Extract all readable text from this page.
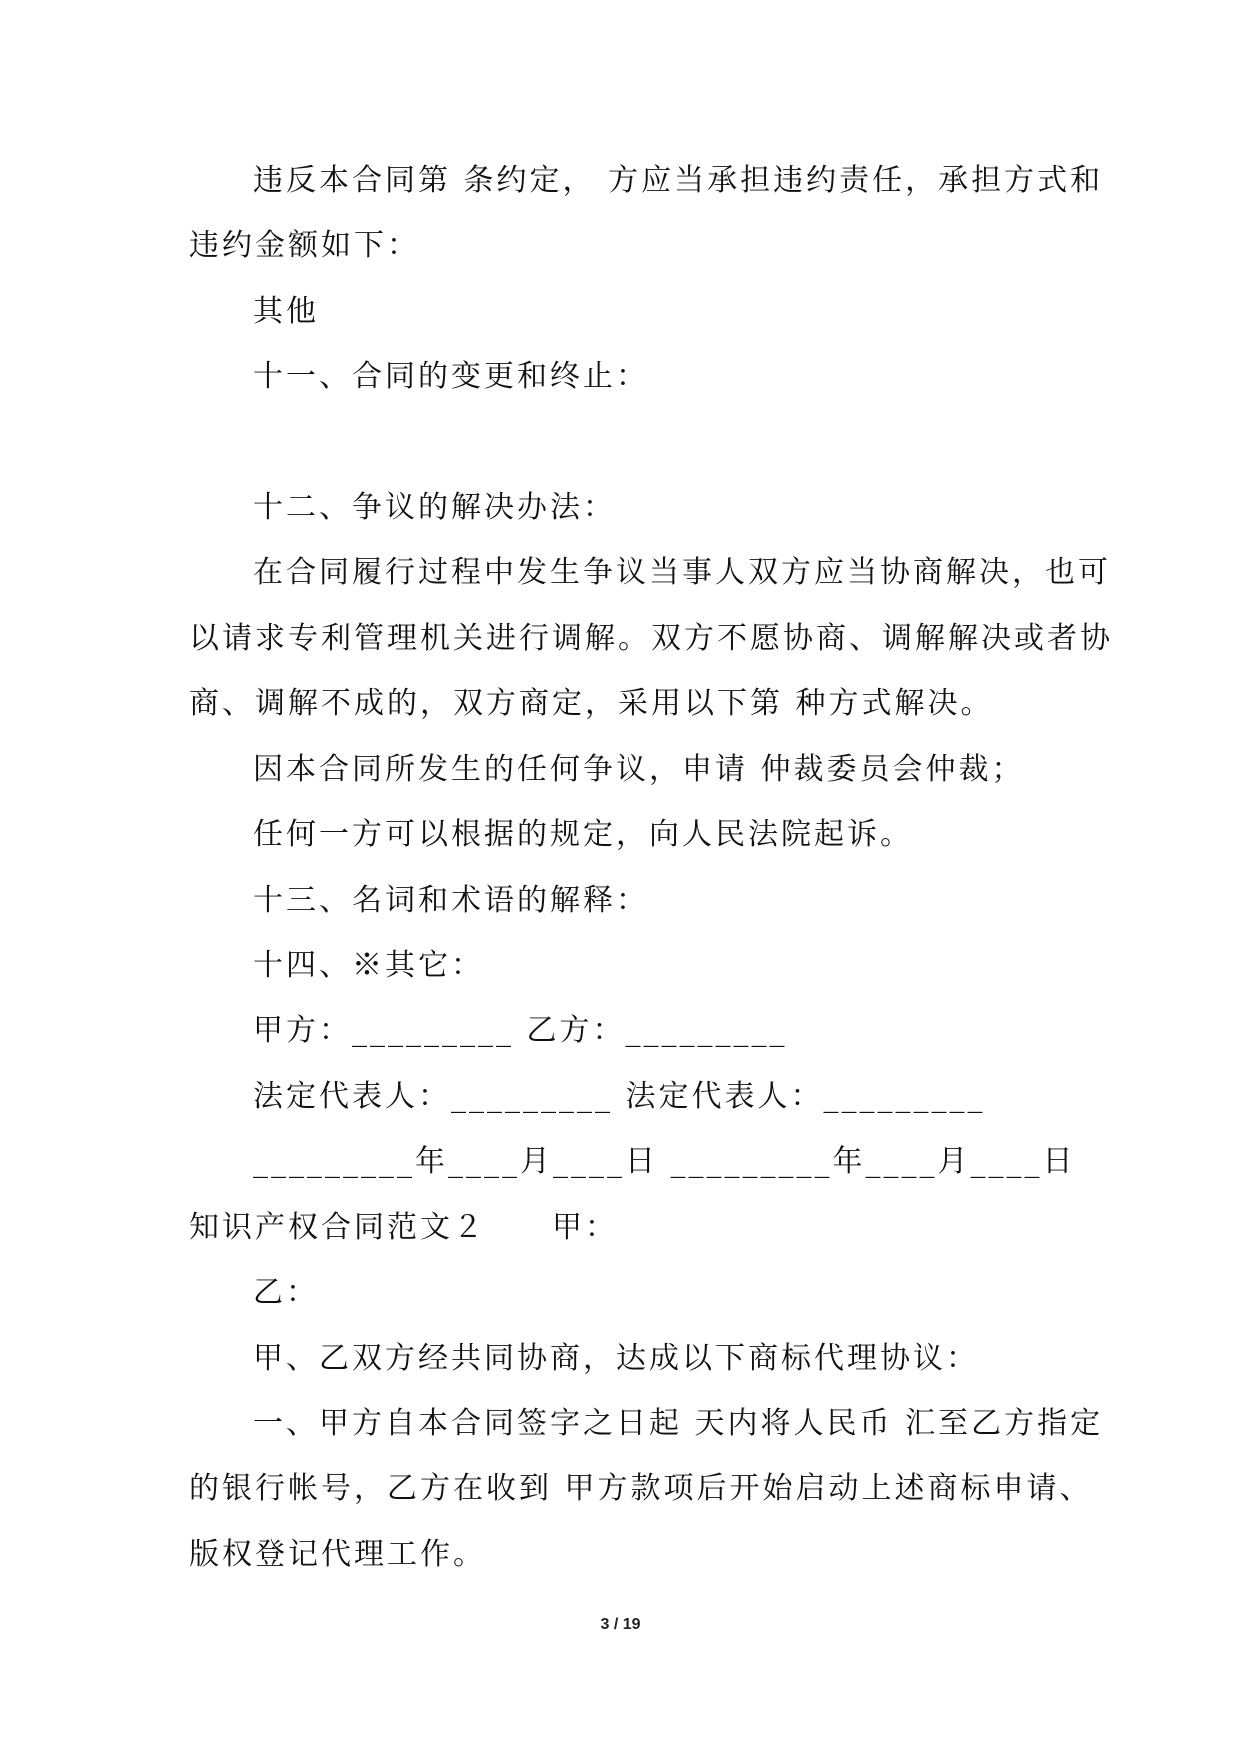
违反本合同第 条约定， 方应当承担违约责任，承担方式和
违约金额如下：
其他
十一、合同的变更和终止：
十二、争议的解决办法：
在合同履行过程中发生争议当事人双方应当协商解决，也可
以请求专利管理机关进行调解。双方不愿协商、调解解决或者协
商、调解不成的，双方商定，采用以下第 种方式解决。
因本合同所发生的任何争议，申请 仲裁委员会仲裁；
任何一方可以根据的规定，向人民法院起诉。
十三、名词和术语的解释：
十四、※其它：
甲方：_________ 乙方：_________
法定代表人：_________ 法定代表人：_________
_________年____月____日 _________年____月____日
知识产权合同范文２　　甲：
乙：
甲、乙双方经共同协商，达成以下商标代理协议：
一、甲方自本合同签字之日起 天内将人民币 汇至乙方指定
的银行帐号，乙方在收到 甲方款项后开始启动上述商标申请、
版权登记代理工作。
3 / 19
